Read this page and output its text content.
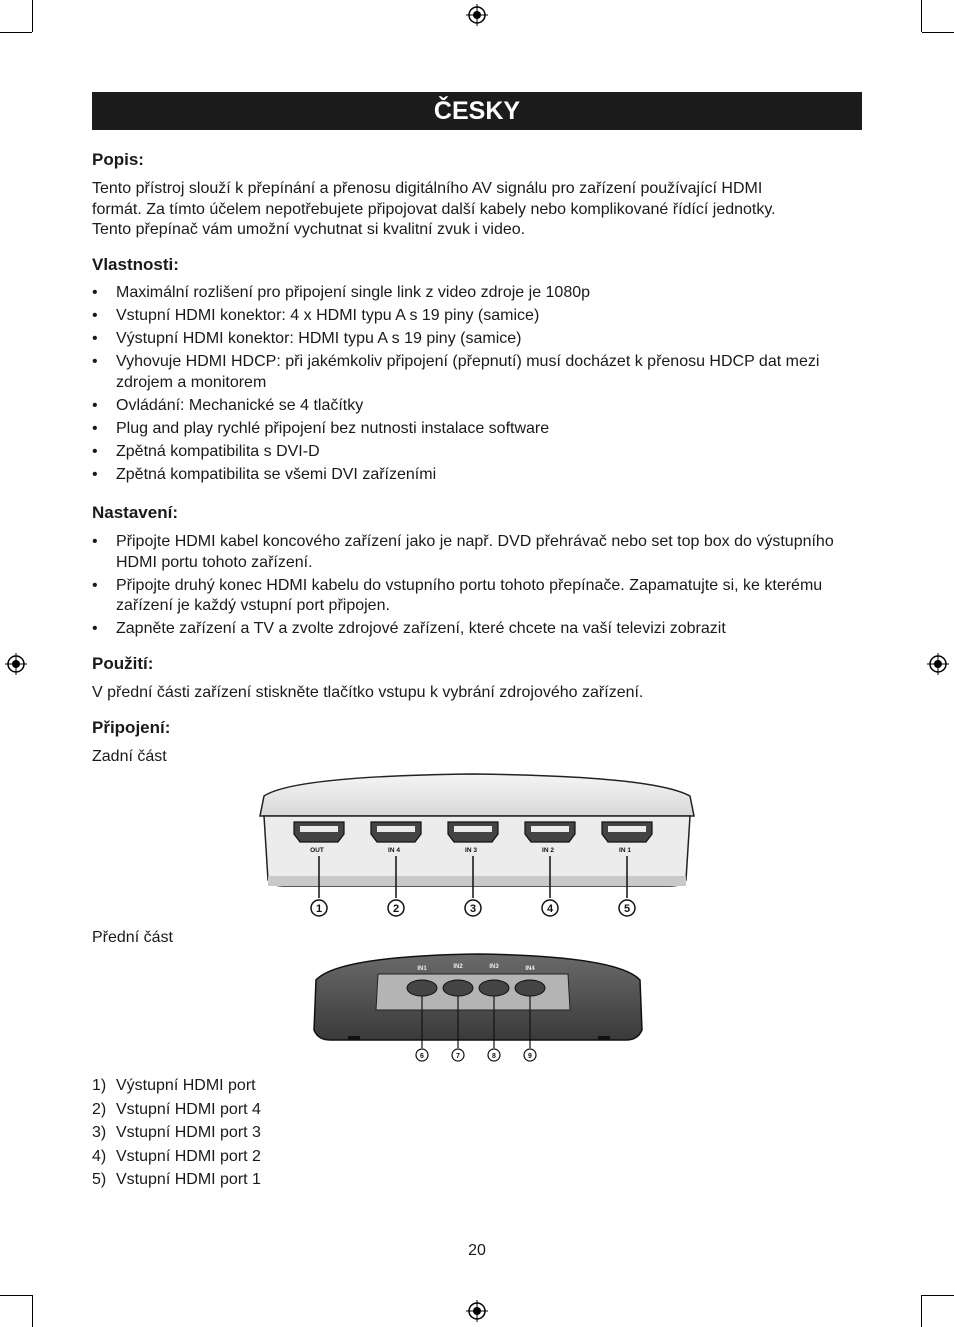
ČESKY
Popis:

Tento přístroj slouží k přepínání a přenosu digitálního AV signálu pro zařízení používající HDMI

formát. Za tímto účelem nepotřebujete připojovat další kabely nebo komplikované řídící jednotky.

Tento přepínač vám umožní vychutnat si kvalitní zvuk i video.

Vlastnosti:
• Maximální rozlišení pro připojení single link z video zdroje je 1080p
• Vstupní HDMI konektor: 4 x HDMI typu A s 19 piny (samice)
• Výstupní HDMI konektor: HDMI typu A s 19 piny (samice)
• Vyhovuje HDMI HDCP: při jakémkoliv připojení (přepnutí) musí docházet k přenosu HDCP dat mezi zdrojem a monitorem
• Ovládání: Mechanické se 4 tlačítky
• Plug and play rychlé připojení bez nutnosti instalace software
• Zpětná kompatibilita s DVI-D
• Zpětná kompatibilita se všemi DVI zařízeními
Nastavení:
• Připojte HDMI kabel koncového zařízení jako je např. DVD přehrávač nebo set top box do výstupního HDMI portu tohoto zařízení.
• Připojte druhý konec HDMI kabelu do vstupního portu tohoto přepínače. Zapamatujte si, ke kterému zařízení je každý vstupní port připojen.
• Zapněte zařízení a TV a zvolte zdrojové zařízení, které chcete na vaší televizi zobrazit
Použití:

V přední části zařízení stiskněte tlačítko vstupu k vybrání zdrojového zařízení.

Připojení:

Zadní část

OUT	IN 4	IN 3	IN 2	IN 1
1	2	3	4	5

Přední část

IN1	IN2	IN3	IN4
6	7	8	9
1) Výstupní HDMI port
2) Vstupní HDMI port 4
3) Vstupní HDMI port 3
4) Vstupní HDMI port 2
5) Vstupní HDMI port 1
20
